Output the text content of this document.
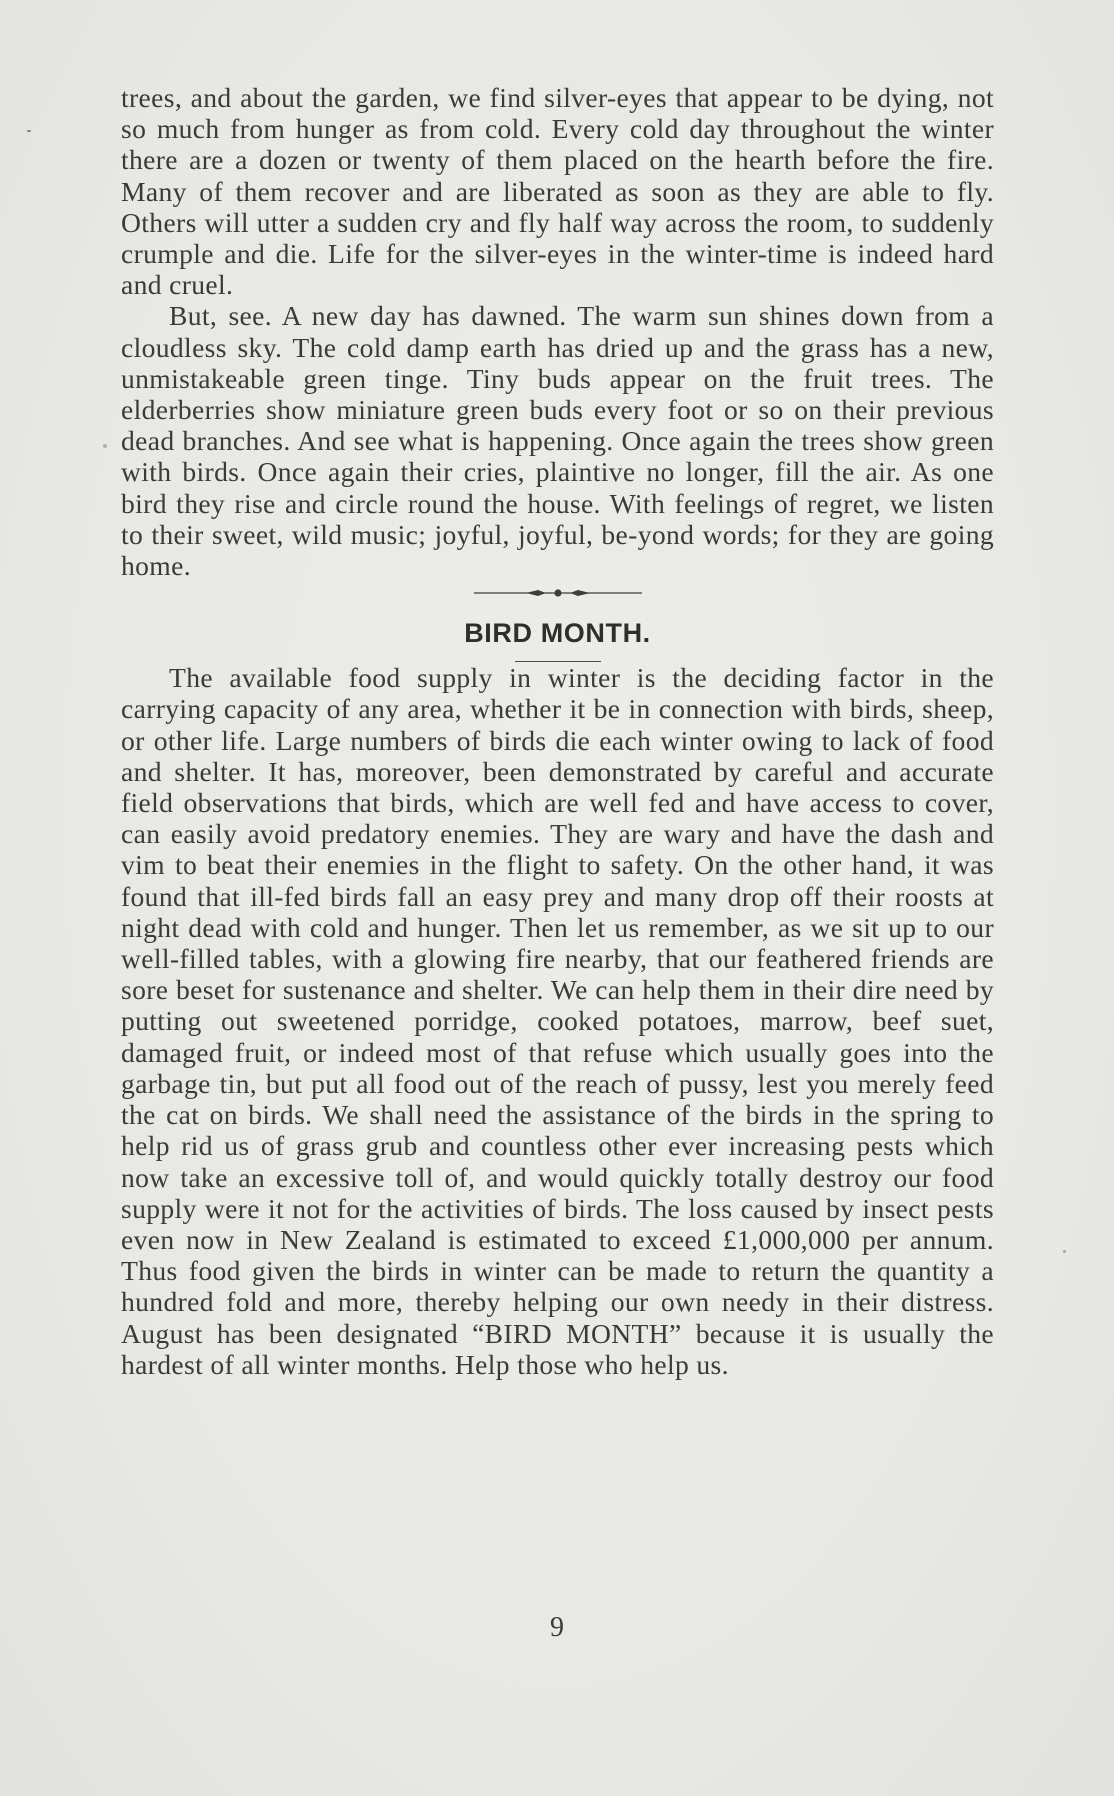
trees, and about the garden, we find silver-eyes that appear to be dying, not so much from hunger as from cold. Every cold day throughout the winter there are a dozen or twenty of them placed on the hearth before the fire. Many of them recover and are liberated as soon as they are able to fly. Others will utter a sudden cry and fly half way across the room, to suddenly crumple and die. Life for the silver-eyes in the winter-time is indeed hard and cruel.

But, see. A new day has dawned. The warm sun shines down from a cloudless sky. The cold damp earth has dried up and the grass has a new, unmistakeable green tinge. Tiny buds appear on the fruit trees. The elderberries show miniature green buds every foot or so on their previous dead branches. And see what is happening. Once again the trees show green with birds. Once again their cries, plaintive no longer, fill the air. As one bird they rise and circle round the house. With feelings of regret, we listen to their sweet, wild music; joyful, joyful, be-yond words; for they are going home.

BIRD MONTH.

The available food supply in winter is the deciding factor in the carrying capacity of any area, whether it be in connection with birds, sheep, or other life. Large numbers of birds die each winter owing to lack of food and shelter. It has, moreover, been demonstrated by careful and accurate field observations that birds, which are well fed and have access to cover, can easily avoid predatory enemies. They are wary and have the dash and vim to beat their enemies in the flight to safety. On the other hand, it was found that ill-fed birds fall an easy prey and many drop off their roosts at night dead with cold and hunger. Then let us remember, as we sit up to our well-filled tables, with a glowing fire nearby, that our feathered friends are sore beset for sustenance and shelter. We can help them in their dire need by putting out sweetened porridge, cooked potatoes, marrow, beef suet, damaged fruit, or indeed most of that refuse which usually goes into the garbage tin, but put all food out of the reach of pussy, lest you merely feed the cat on birds. We shall need the assistance of the birds in the spring to help rid us of grass grub and countless other ever increasing pests which now take an excessive toll of, and would quickly totally destroy our food supply were it not for the activities of birds. The loss caused by insect pests even now in New Zealand is estimated to exceed £1,000,000 per annum. Thus food given the birds in winter can be made to return the quantity a hundred fold and more, thereby helping our own needy in their distress. August has been designated “BIRD MONTH” because it is usually the hardest of all winter months. Help those who help us.

9
